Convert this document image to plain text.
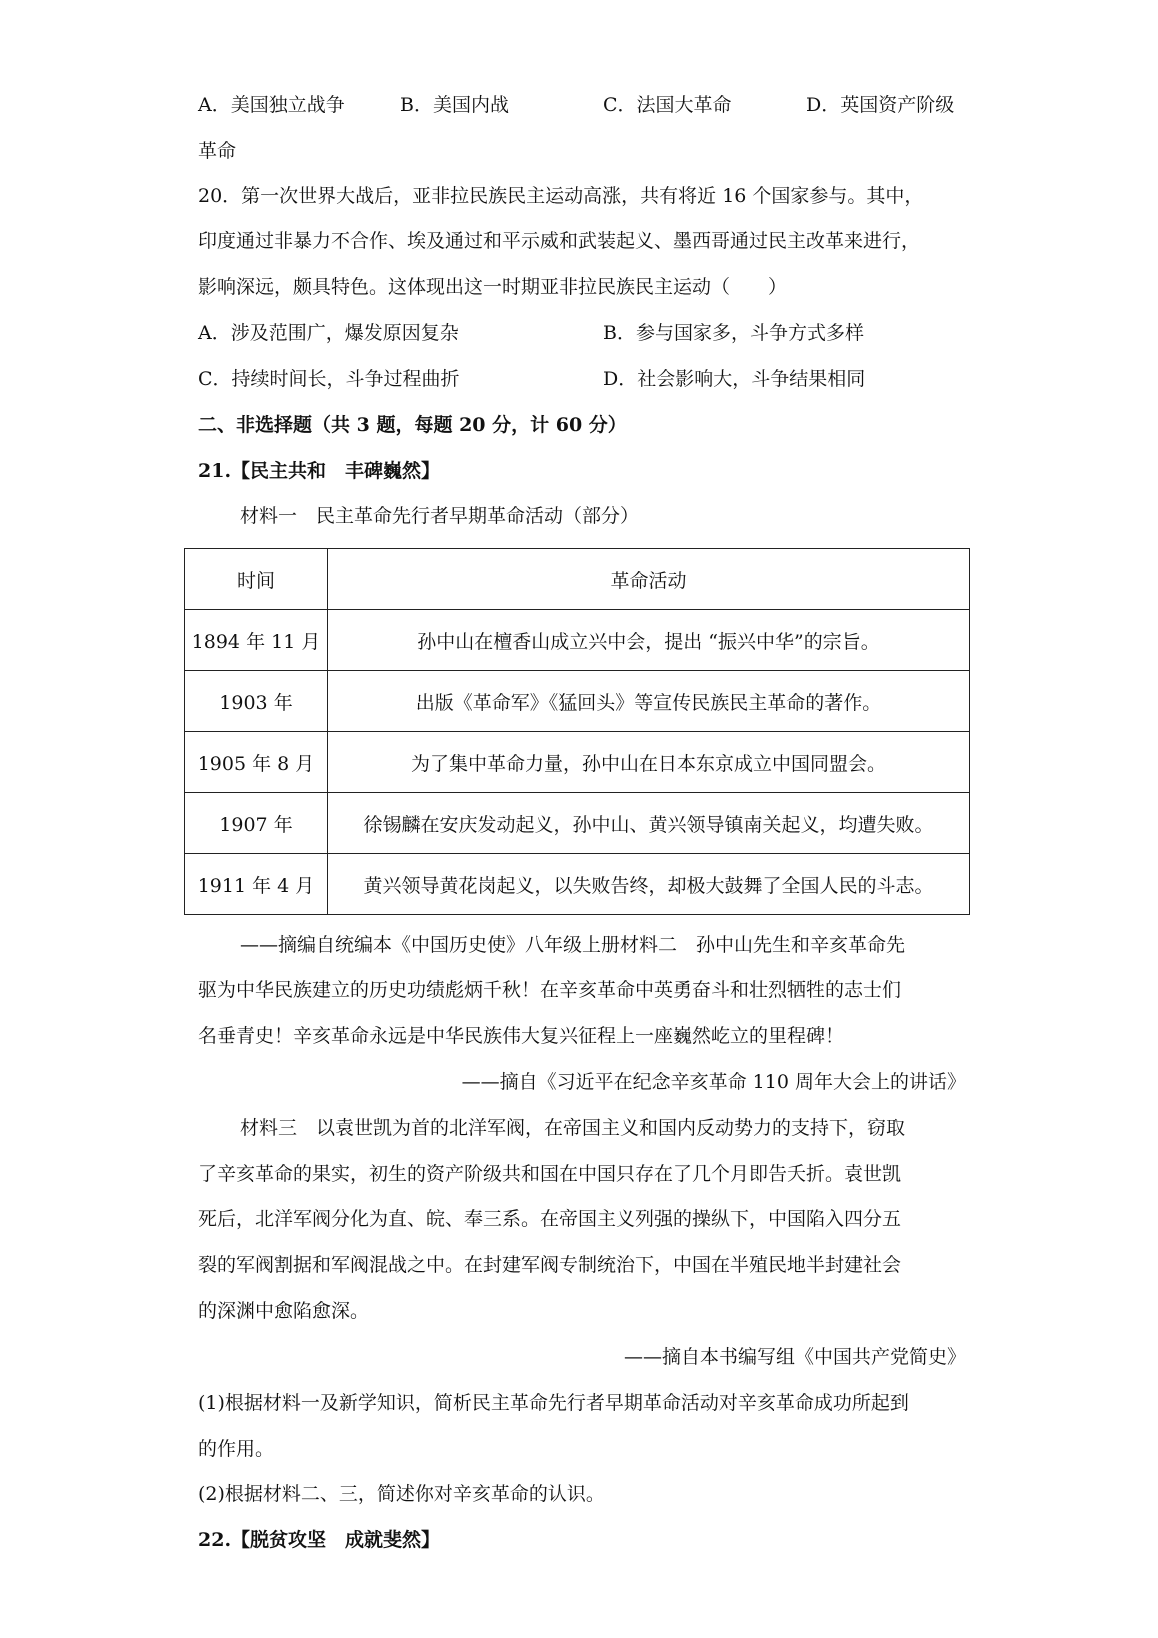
A．美国独立战争	B．美国内战	C．法国大革命	D．英国资产阶级
革命
20．第一次世界大战后，亚非拉民族民主运动高涨，共有将近 16 个国家参与。其中，
印度通过非暴力不合作、埃及通过和平示威和武装起义、墨西哥通过民主改革来进行，
影响深远，颇具特色。这体现出这一时期亚非拉民族民主运动（　　）
A．涉及范围广，爆发原因复杂	B．参与国家多，斗争方式多样
C．持续时间长，斗争过程曲折	D．社会影响大，斗争结果相同
二、非选择题（共 3 题，每题 20 分，计 60 分）
21.【民主共和　丰碑巍然】
材料一　民主革命先行者早期革命活动（部分）
时间	革命活动
1894 年 11 月	孙中山在檀香山成立兴中会，提出 “振兴中华”的宗旨。
1903 年	出版《革命军》《猛回头》等宣传民族民主革命的著作。
1905 年 8 月	为了集中革命力量，孙中山在日本东京成立中国同盟会。
1907 年	徐锡麟在安庆发动起义，孙中山、黄兴领导镇南关起义，均遭失败。
1911 年 4 月	黄兴领导黄花岗起义，以失败告终，却极大鼓舞了全国人民的斗志。
——摘编自统编本《中国历史使》八年级上册材料二　孙中山先生和辛亥革命先
驱为中华民族建立的历史功绩彪炳千秋！在辛亥革命中英勇奋斗和壮烈牺牲的志士们
名垂青史！辛亥革命永远是中华民族伟大复兴征程上一座巍然屹立的里程碑！
——摘自《习近平在纪念辛亥革命 110 周年大会上的讲话》
材料三　以袁世凯为首的北洋军阀，在帝国主义和国内反动势力的支持下，窃取
了辛亥革命的果实，初生的资产阶级共和国在中国只存在了几个月即告夭折。袁世凯
死后，北洋军阀分化为直、皖、奉三系。在帝国主义列强的操纵下，中国陷入四分五
裂的军阀割据和军阀混战之中。在封建军阀专制统治下，中国在半殖民地半封建社会
的深渊中愈陷愈深。
——摘自本书编写组《中国共产党简史》
(1)根据材料一及新学知识，简析民主革命先行者早期革命活动对辛亥革命成功所起到
的作用。
(2)根据材料二、三，简述你对辛亥革命的认识。
22.【脱贫攻坚　成就斐然】
